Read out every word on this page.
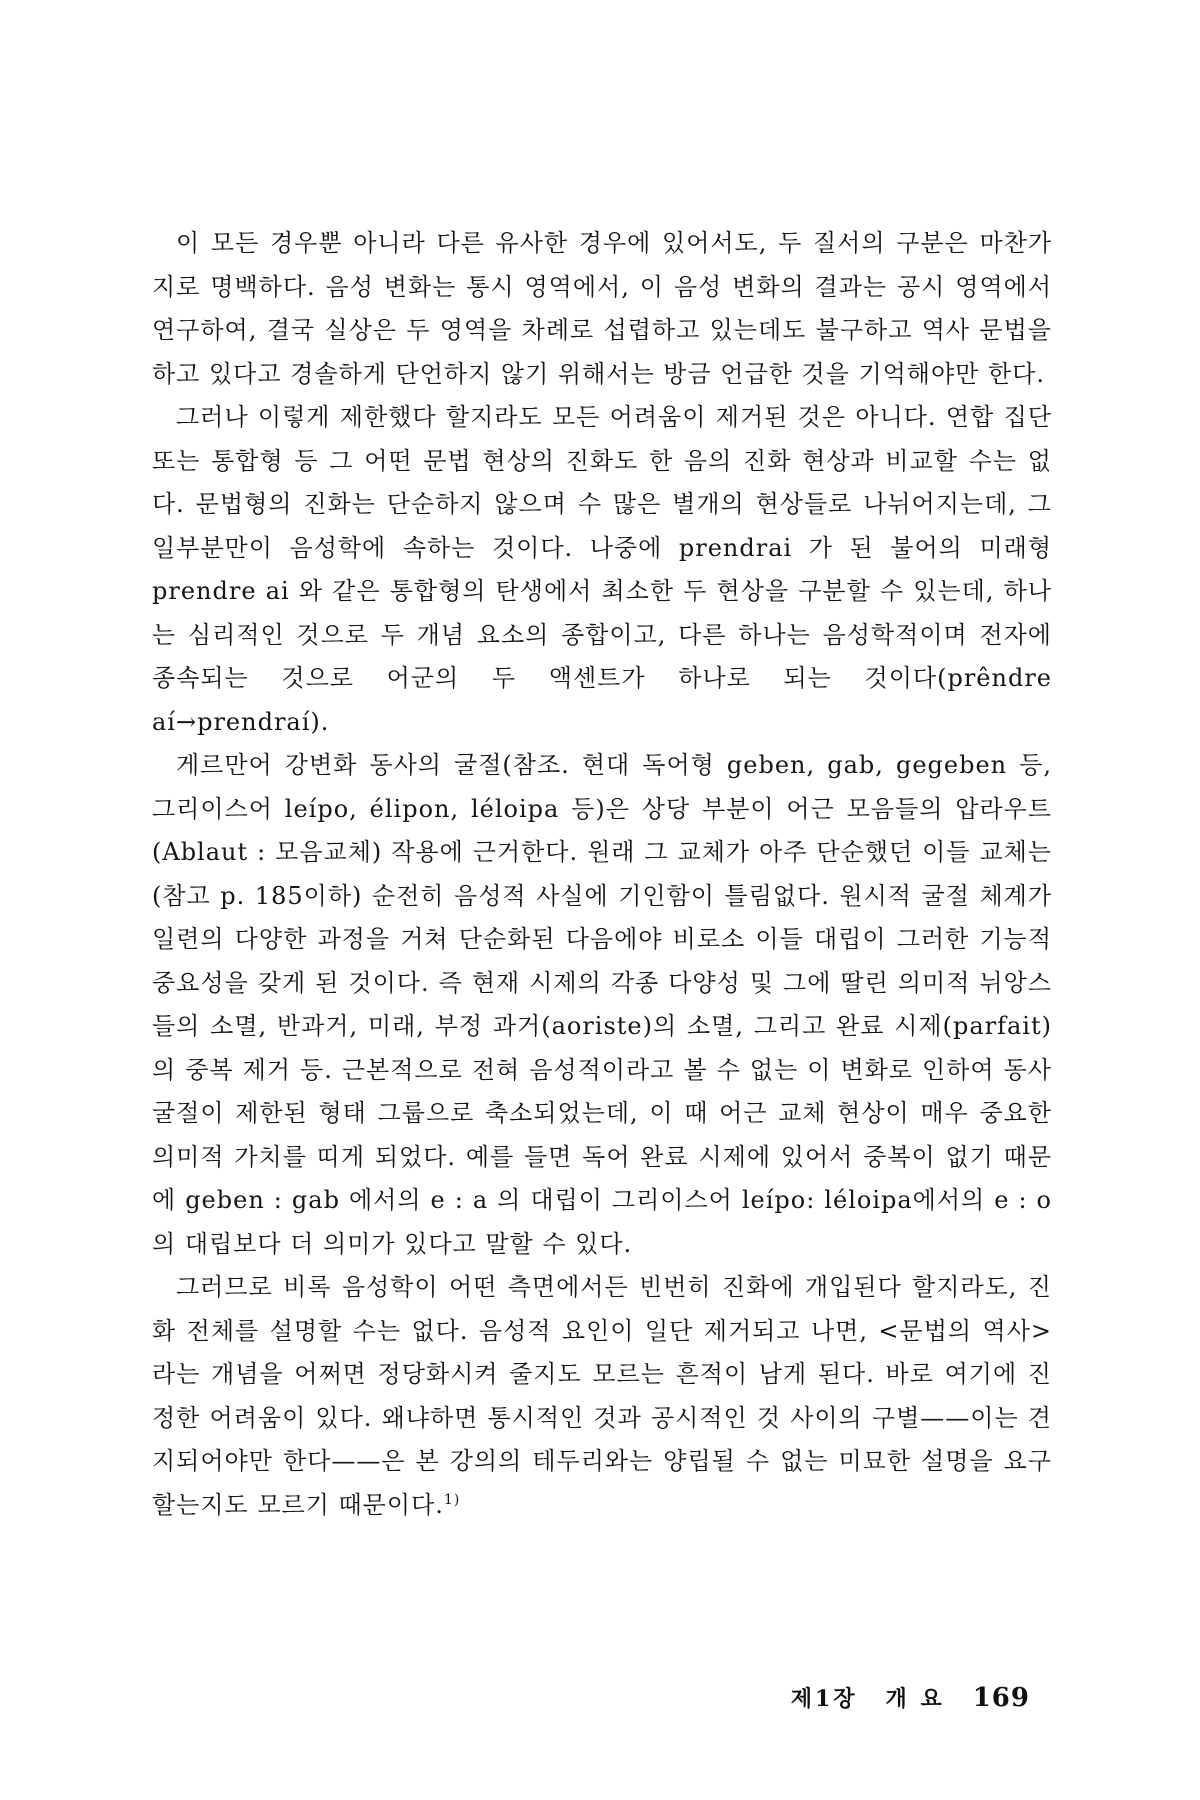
이 모든 경우뿐 아니라 다른 유사한 경우에 있어서도, 두 질서의 구분은 마찬가지로 명백하다. 음성 변화는 통시 영역에서, 이 음성 변화의 결과는 공시 영역에서 연구하여, 결국 실상은 두 영역을 차례로 섭렵하고 있는데도 불구하고 역사 문법을 하고 있다고 경솔하게 단언하지 않기 위해서는 방금 언급한 것을 기억해야만 한다.

그러나 이렇게 제한했다 할지라도 모든 어려움이 제거된 것은 아니다. 연합 집단 또는 통합형 등 그 어떤 문법 현상의 진화도 한 음의 진화 현상과 비교할 수는 없다. 문법형의 진화는 단순하지 않으며 수 많은 별개의 현상들로 나뉘어지는데, 그 일부분만이 음성학에 속하는 것이다. 나중에 prendrai 가 된 불어의 미래형 prendre ai 와 같은 통합형의 탄생에서 최소한 두 현상을 구분할 수 있는데, 하나는 심리적인 것으로 두 개념 요소의 종합이고, 다른 하나는 음성학적이며 전자에 종속되는 것으로 어군의 두 액센트가 하나로 되는 것이다(prêndre aí→prendraí).

게르만어 강변화 동사의 굴절(참조. 현대 독어형 geben, gab, gegeben 등, 그리이스어 leípo, élipon, léloipa 등)은 상당 부분이 어근 모음들의 압라우트(Ablaut : 모음교체) 작용에 근거한다. 원래 그 교체가 아주 단순했던 이들 교체는(참고 p. 185이하) 순전히 음성적 사실에 기인함이 틀림없다. 원시적 굴절 체계가 일련의 다양한 과정을 거쳐 단순화된 다음에야 비로소 이들 대립이 그러한 기능적 중요성을 갖게 된 것이다. 즉 현재 시제의 각종 다양성 및 그에 딸린 의미적 뉘앙스들의 소멸, 반과거, 미래, 부정 과거(aoriste)의 소멸, 그리고 완료 시제(parfait)의 중복 제거 등. 근본적으로 전혀 음성적이라고 볼 수 없는 이 변화로 인하여 동사 굴절이 제한된 형태 그룹으로 축소되었는데, 이 때 어근 교체 현상이 매우 중요한 의미적 가치를 띠게 되었다. 예를 들면 독어 완료 시제에 있어서 중복이 없기 때문에 geben : gab 에서의 e : a 의 대립이 그리이스어 leípo: léloipa에서의 e : o 의 대립보다 더 의미가 있다고 말할 수 있다.

그러므로 비록 음성학이 어떤 측면에서든 빈번히 진화에 개입된다 할지라도, 진화 전체를 설명할 수는 없다. 음성적 요인이 일단 제거되고 나면, <문법의 역사>라는 개념을 어쩌면 정당화시켜 줄지도 모르는 흔적이 남게 된다. 바로 여기에 진정한 어려움이 있다. 왜냐하면 통시적인 것과 공시적인 것 사이의 구별——이는 견지되어야만 한다——은 본 강의의 테두리와는 양립될 수 없는 미묘한 설명을 요구할는지도 모르기 때문이다.$^{1)}$

제1장 개 요 169
